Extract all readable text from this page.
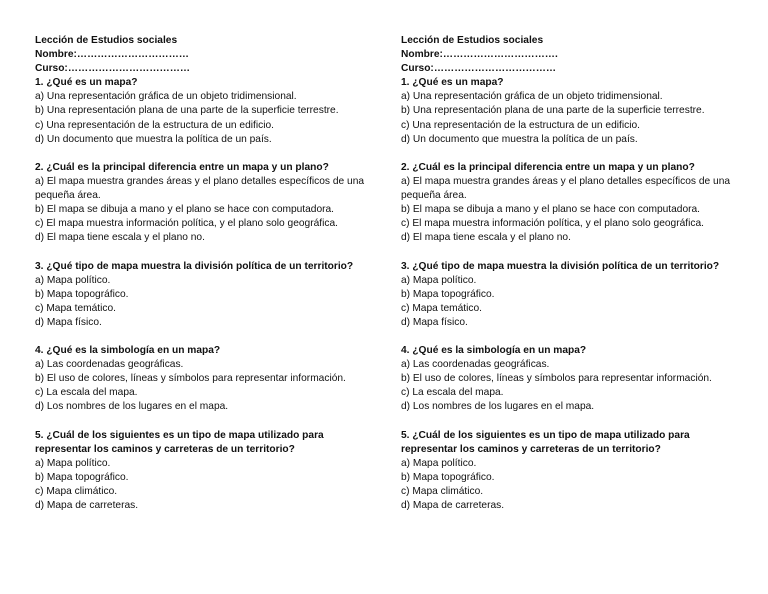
Lección de Estudios sociales

Nombre:……………………………

Curso:………………………………

1. ¿Qué es un mapa?

a) Una representación gráfica de un objeto tridimensional.

b) Una representación plana de una parte de la superficie terrestre.

c) Una representación de la estructura de un edificio.

d) Un documento que muestra la política de un país.

2. ¿Cuál es la principal diferencia entre un mapa y un plano?

a) El mapa muestra grandes áreas y el plano detalles específicos de una pequeña área.

b) El mapa se dibuja a mano y el plano se hace con computadora.

c) El mapa muestra información política, y el plano solo geográfica.

d) El mapa tiene escala y el plano no.

3. ¿Qué tipo de mapa muestra la división política de un territorio?

a) Mapa político.

b) Mapa topográfico.

c) Mapa temático.

d) Mapa físico.

4. ¿Qué es la simbología en un mapa?

a) Las coordenadas geográficas.

b) El uso de colores, líneas y símbolos para representar información.

c) La escala del mapa.

d) Los nombres de los lugares en el mapa.

5. ¿Cuál de los siguientes es un tipo de mapa utilizado para representar los caminos y carreteras de un territorio?

a) Mapa político.

b) Mapa topográfico.

c) Mapa climático.

d) Mapa de carreteras.

Lección de Estudios sociales

Nombre:…………………………….

Curso:………………………………

1. ¿Qué es un mapa?

a) Una representación gráfica de un objeto tridimensional.

b) Una representación plana de una parte de la superficie terrestre.

c) Una representación de la estructura de un edificio.

d) Un documento que muestra la política de un país.

2. ¿Cuál es la principal diferencia entre un mapa y un plano?

a) El mapa muestra grandes áreas y el plano detalles específicos de una pequeña área.

b) El mapa se dibuja a mano y el plano se hace con computadora.

c) El mapa muestra información política, y el plano solo geográfica.

d) El mapa tiene escala y el plano no.

3. ¿Qué tipo de mapa muestra la división política de un territorio?

a) Mapa político.

b) Mapa topográfico.

c) Mapa temático.

d) Mapa físico.

4. ¿Qué es la simbología en un mapa?

a) Las coordenadas geográficas.

b) El uso de colores, líneas y símbolos para representar información.

c) La escala del mapa.

d) Los nombres de los lugares en el mapa.

5. ¿Cuál de los siguientes es un tipo de mapa utilizado para representar los caminos y carreteras de un territorio?

a) Mapa político.

b) Mapa topográfico.

c) Mapa climático.

d) Mapa de carreteras.
